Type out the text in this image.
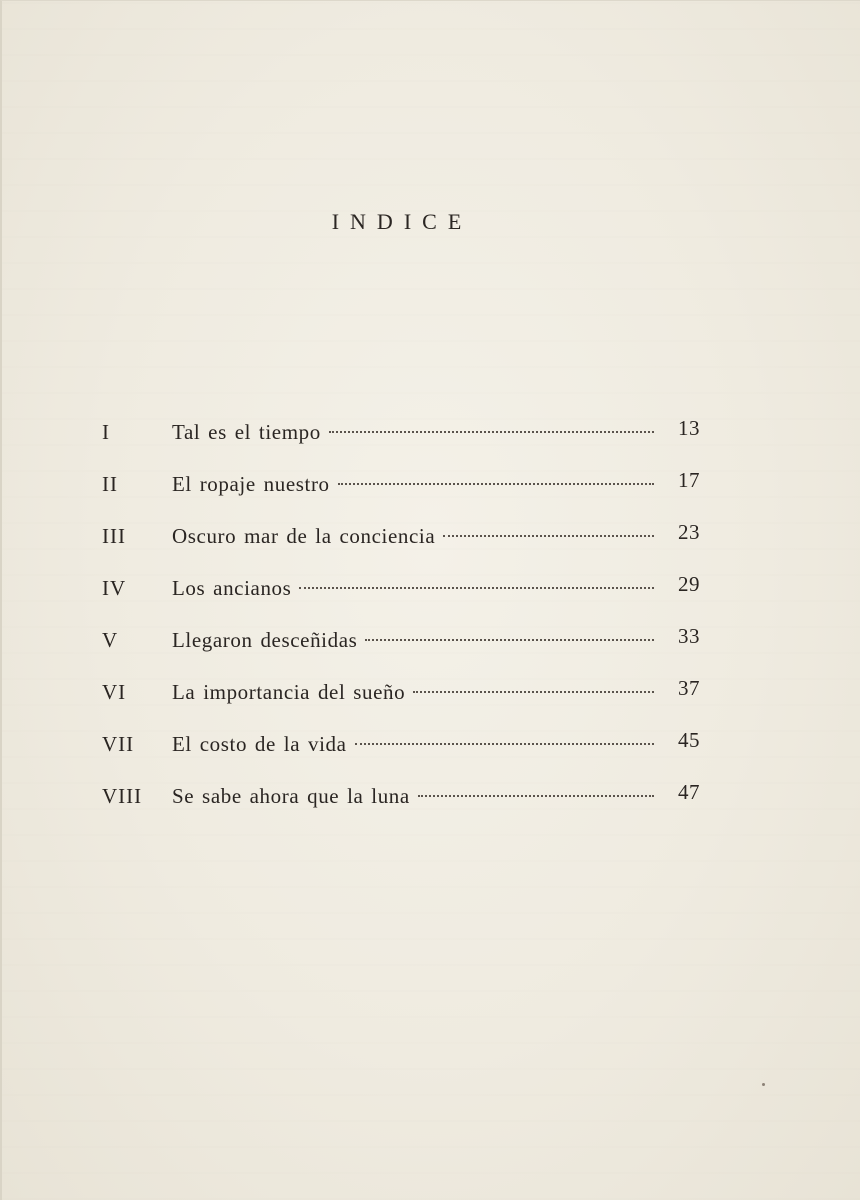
INDICE
I	Tal es el tiempo	13
II	El ropaje nuestro	17
III	Oscuro mar de la conciencia	23
IV	Los ancianos	29
V	Llegaron desceñidas	33
VI	La importancia del sueño	37
VII	El costo de la vida	45
VIII	Se sabe ahora que la luna	47
